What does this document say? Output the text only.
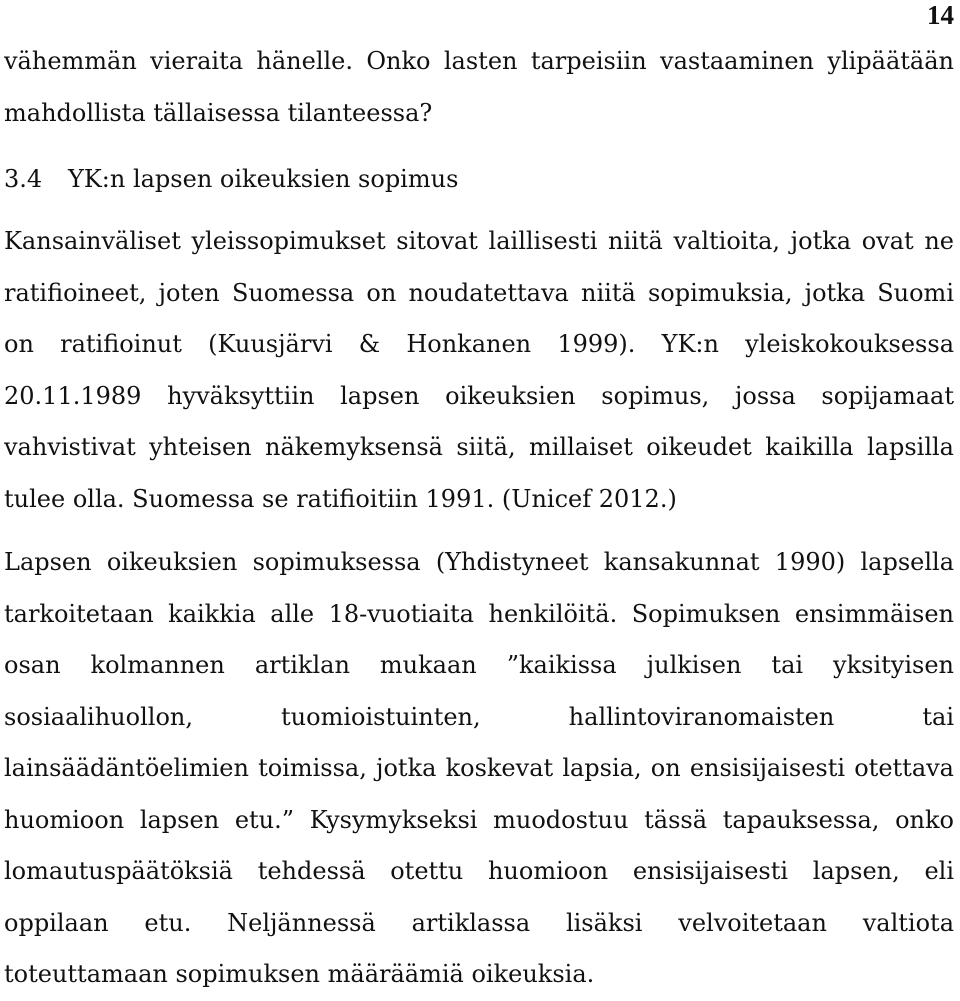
14
vähemmän vieraita hänelle. Onko lasten tarpeisiin vastaaminen ylipäätään
mahdollista tällaisessa tilanteessa?
3.4 YK:n lapsen oikeuksien sopimus
Kansainväliset yleissopimukset sitovat laillisesti niitä valtioita, jotka ovat ne
ratifioineet, joten Suomessa on noudatettava niitä sopimuksia, jotka Suomi
on ratifioinut (Kuusjärvi & Honkanen 1999). YK:n yleiskokouksessa
20.11.1989 hyväksyttiin lapsen oikeuksien sopimus, jossa sopijamaat
vahvistivat yhteisen näkemyksensä siitä, millaiset oikeudet kaikilla lapsilla
tulee olla. Suomessa se ratifioitiin 1991. (Unicef 2012.)
Lapsen oikeuksien sopimuksessa (Yhdistyneet kansakunnat 1990) lapsella
tarkoitetaan kaikkia alle 18-vuotiaita henkilöitä. Sopimuksen ensimmäisen
osan kolmannen artiklan mukaan ”kaikissa julkisen tai yksityisen
sosiaalihuollon, tuomioistuinten, hallintoviranomaisten tai
lainsäädäntöelimien toimissa, jotka koskevat lapsia, on ensisijaisesti otettava
huomioon lapsen etu.” Kysymykseksi muodostuu tässä tapauksessa, onko
lomautuspäätöksiä tehdessä otettu huomioon ensisijaisesti lapsen, eli
oppilaan etu. Neljännessä artiklassa lisäksi velvoitetaan valtiota
toteuttamaan sopimuksen määräämiä oikeuksia.
